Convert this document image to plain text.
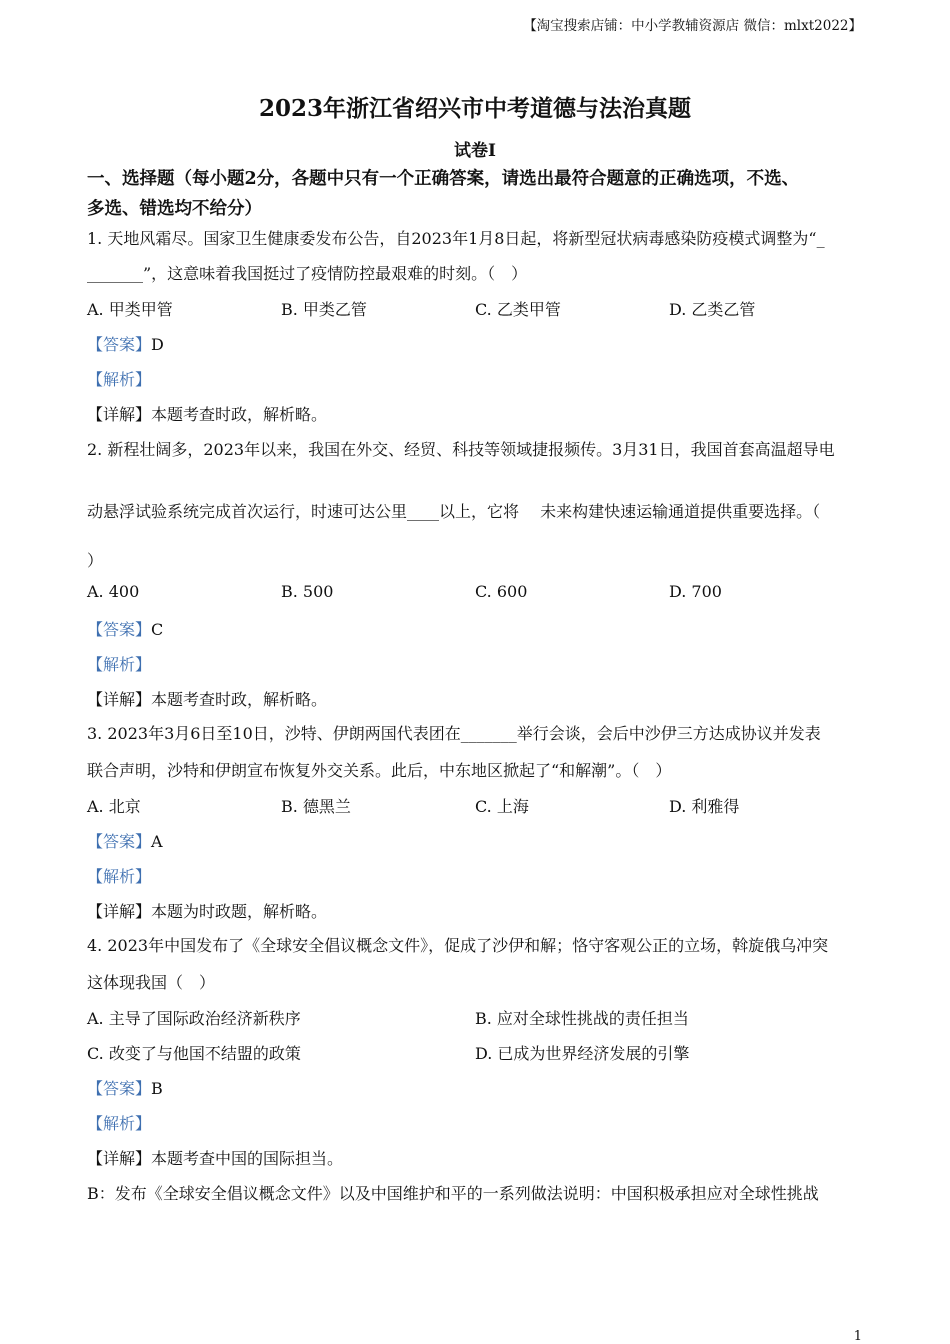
【淘宝搜索店铺：中小学教辅资源店 微信：mlxt2022】
2023年浙江省绍兴市中考道德与法治真题
试卷I
一、选择题（每小题2分，各题中只有一个正确答案，请选出最符合题意的正确选项，不选、
多选、错选均不给分）
1. 天地风霜尽。国家卫生健康委发布公告，自2023年1月8日起，将新型冠状病毒感染防疫模式调整为“_
_______”，这意味着我国挺过了疫情防控最艰难的时刻。（　）
A. 甲类甲管	B. 甲类乙管	C. 乙类甲管	D. 乙类乙管
【答案】D
【解析】
【详解】本题考查时政，解析略。
2. 新程壮阔多，2023年以来，我国在外交、经贸、科技等领域捷报频传。3月31日，我国首套高温超导电
动悬浮试验系统完成首次运行，时速可达公里____以上，它将　 未来构建快速运输通道提供重要选择。（
）
A. 400	B. 500	C. 600	D. 700
【答案】C
【解析】
【详解】本题考查时政，解析略。
3. 2023年3月6日至10日，沙特、伊朗两国代表团在_______举行会谈，会后中沙伊三方达成协议并发表
联合声明，沙特和伊朗宣布恢复外交关系。此后，中东地区掀起了“和解潮”。（　）
A. 北京	B. 德黑兰	C. 上海	D. 利雅得
【答案】A
【解析】
【详解】本题为时政题，解析略。
4. 2023年中国发布了《全球安全倡议概念文件》，促成了沙伊和解；恪守客观公正的立场，斡旋俄乌冲突
这体现我国（　）
A. 主导了国际政治经济新秩序	B. 应对全球性挑战的责任担当
C. 改变了与他国不结盟的政策	D. 已成为世界经济发展的引擎
【答案】B
【解析】
【详解】本题考查中国的国际担当。
B：发布《全球安全倡议概念文件》以及中国维护和平的一系列做法说明：中国积极承担应对全球性挑战
1
